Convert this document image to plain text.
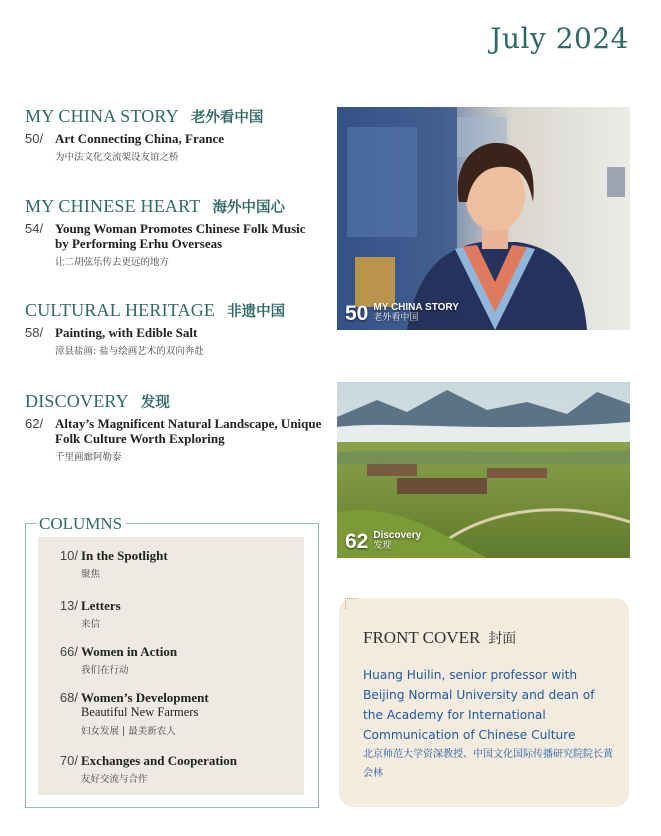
July 2024
MY CHINA STORY 老外看中国
50/ Art Connecting China, France
为中法文化交流架设友谊之桥
MY CHINESE HEART 海外中国心
54/ Young Woman Promotes Chinese Folk Music by Performing Erhu Overseas
让二胡弦乐传去更远的地方
CULTURAL HERITAGE 非遗中国
58/ Painting, with Edible Salt
漳县盐画: 盐与绘画艺术的双向奔赴
DISCOVERY 发现
62/ Altay’s Magnificent Natural Landscape, Unique Folk Culture Worth Exploring
千里画廊阿勒泰
50 MY CHINA STORY
老外看中国
62 Discovery
发现
COLUMNS
10/ In the Spotlight
聚焦
13/ Letters
来信
66/ Women in Action
我们在行动
68/ Women’s Development
Beautiful New Farmers
妇女发展 | 最美新农人
70/ Exchanges and Cooperation
友好交流与合作
FRONT COVER 封面
Huang Huilin, senior professor with Beijing Normal University and dean of the Academy for International Communication of Chinese Culture
北京师范大学资深教授、中国文化国际传播研究院院长黄会林
